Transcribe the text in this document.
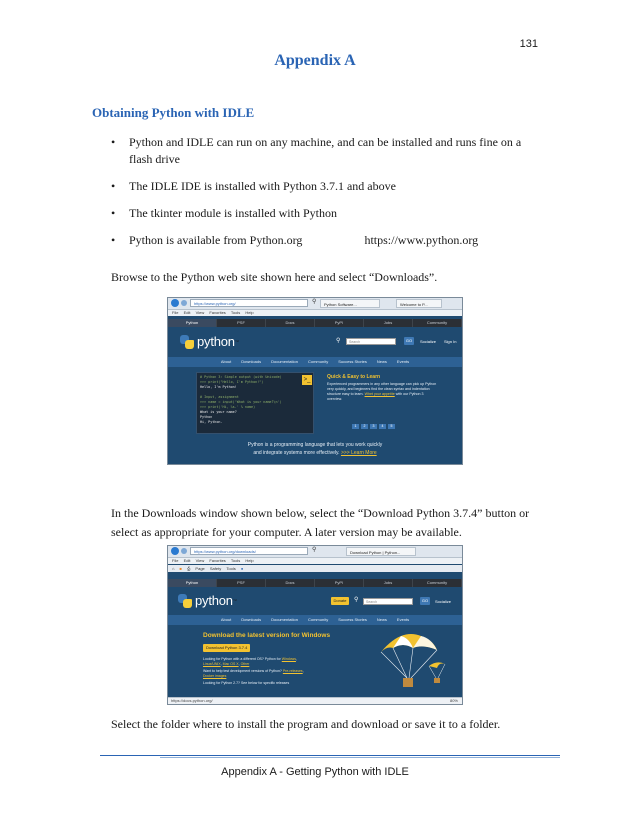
131
Appendix A
Obtaining Python with IDLE
• Python and IDLE can run on any machine, and can be installed and runs fine on a flash drive
• The IDLE IDE is installed with Python 3.7.1 and above
• The tkinter module is installed with Python
• Python is available from Python.org	https://www.python.org

Browse to the Python web site shown here and select “Downloads”.

https://www.python.org/	⚲	Python Software...	Welcome to P...
File Edit View Favorites Tools Help
Python	PSF	Docs	PyPI	Jobs	Community
python ™	⚲	Search	GO	Socialize Sign In
About	Downloads	Documentation	Community	Success Stories	News	Events
# Python 3: Simple output (with Unicode)
>>> print("Hello, I'm Python!")
Hello, I'm Python!

# Input, assignment
>>> name = input('What is your name?\n')
>>> print('Hi, %s.' % name)
What is your name?
Python
Hi, Python.
>_	Quick & Easy to Learn
Experienced programmers in any other language can pick up Python very quickly, and beginners find the clean syntax and indentation structure easy to learn. Whet your appetite with our Python 3 overview.
1	2	3	4	5
Python is a programming language that lets you work quickly
and integrate systems more effectively. >>> Learn More

In the Downloads window shown below, select the “Download Python 3.7.4” button or select as appropriate for your computer. A later version may be available.

https://www.python.org/downloads/	⚲	Download Python | Python...
File Edit View Favorites Tools Help
⌂ ■ ⎙ Page Safety Tools ●
Python	PSF	Docs	PyPI	Jobs	Community
python ™	Donate	⚲	Search	GO	Socialize
About	Downloads	Documentation	Community	Success Stories	News	Events
Download the latest version for Windows
Download Python 3.7.4
Looking for Python with a different OS? Python for Windows,
Linux/UNIX, Mac OS X, Other
Want to help test development versions of Python? Pre-releases,
Docker images
Looking for Python 2.7? See below for specific releases
https://docs.python.org/	80%

Select the folder where to install the program and download or save it to a folder.

Appendix A - Getting Python with IDLE
